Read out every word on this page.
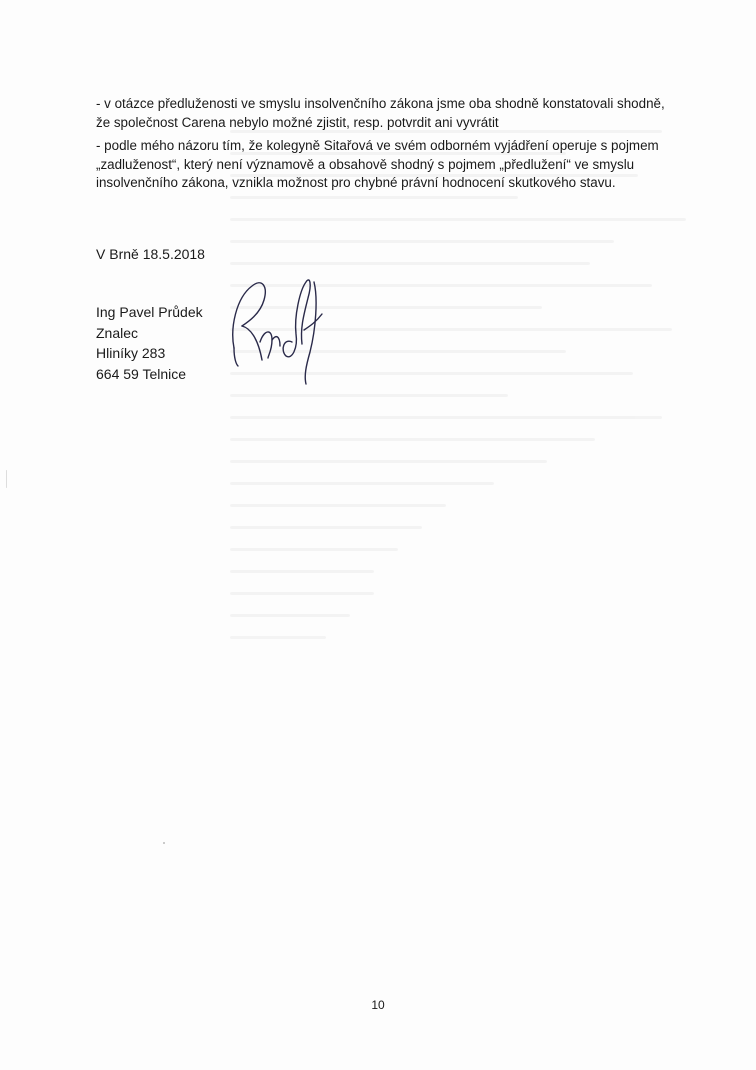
- v otázce předluženosti ve smyslu insolvenčního zákona jsme oba shodně konstatovali shodně, že společnost Carena nebylo možné zjistit, resp. potvrdit ani vyvrátit

- podle mého názoru tím, že kolegyně Sitařová ve svém odborném vyjádření operuje s pojmem „zadluženost“, který není významově a obsahově shodný s pojmem „předlužení“ ve smyslu insolvenčního zákona, vznikla možnost pro chybné právní hodnocení skutkového stavu.

V Brně 18.5.2018
Ing Pavel Průdek
Znalec
Hliníky 283
664 59 Telnice
10
